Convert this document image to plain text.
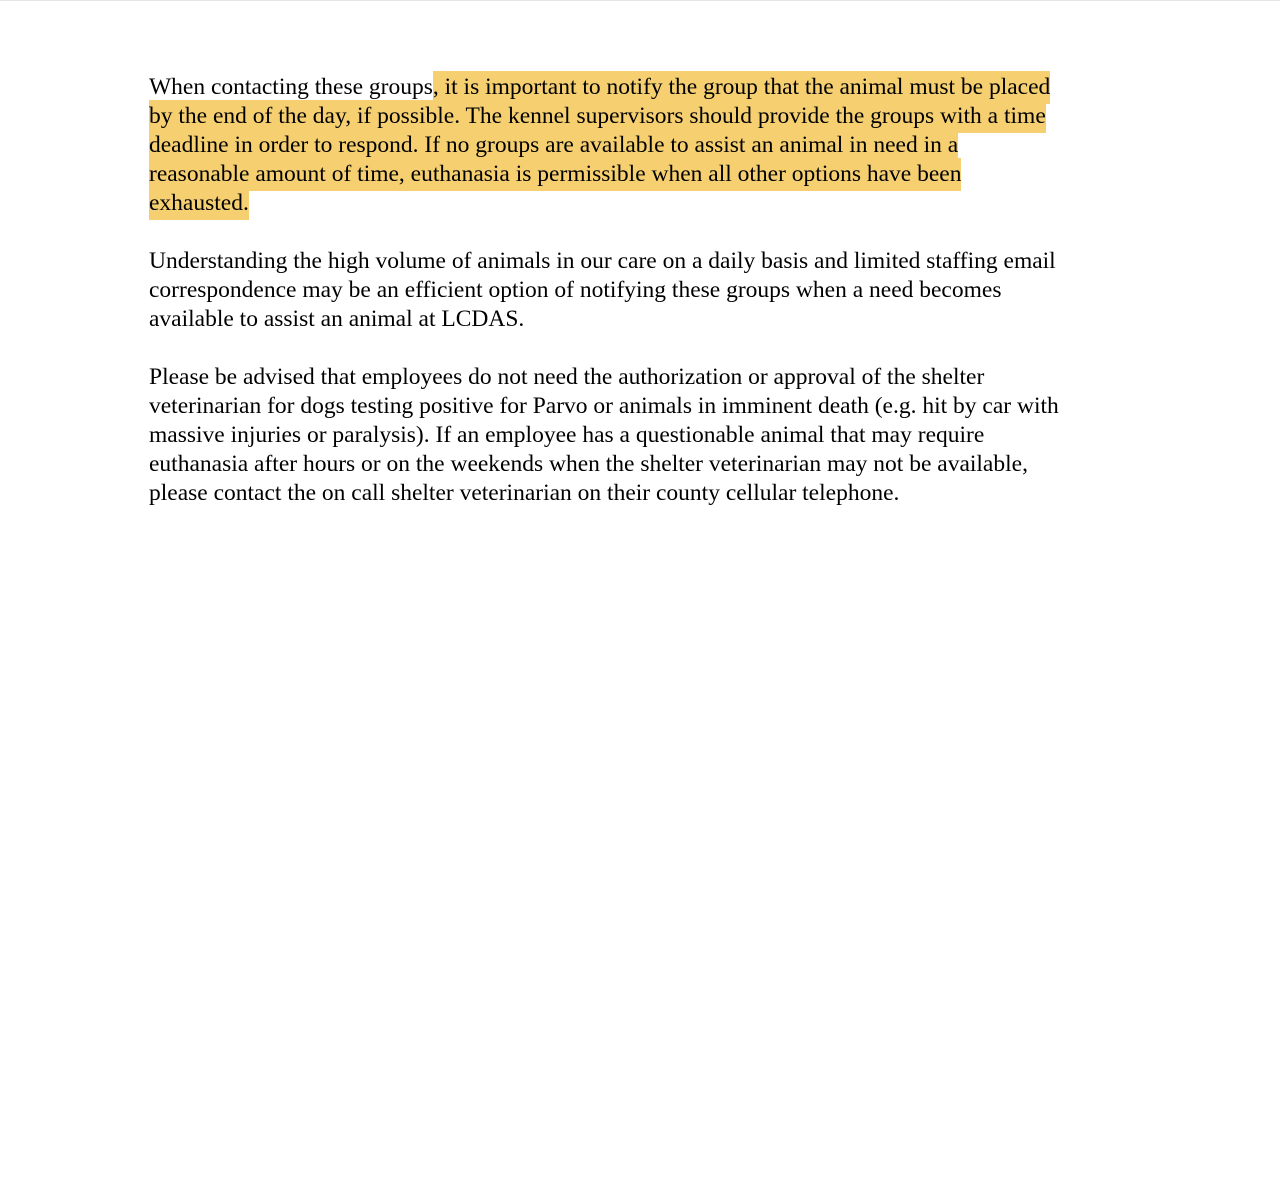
When contacting these groups, it is important to notify the group that the animal must be placed
by the end of the day, if possible. The kennel supervisors should provide the groups with a time
deadline in order to respond. If no groups are available to assist an animal in need in a
reasonable amount of time, euthanasia is permissible when all other options have been
exhausted.

Understanding the high volume of animals in our care on a daily basis and limited staffing email
correspondence may be an efficient option of notifying these groups when a need becomes
available to assist an animal at LCDAS.

Please be advised that employees do not need the authorization or approval of the shelter
veterinarian for dogs testing positive for Parvo or animals in imminent death (e.g. hit by car with
massive injuries or paralysis). If an employee has a questionable animal that may require
euthanasia after hours or on the weekends when the shelter veterinarian may not be available,
please contact the on call shelter veterinarian on their county cellular telephone.
